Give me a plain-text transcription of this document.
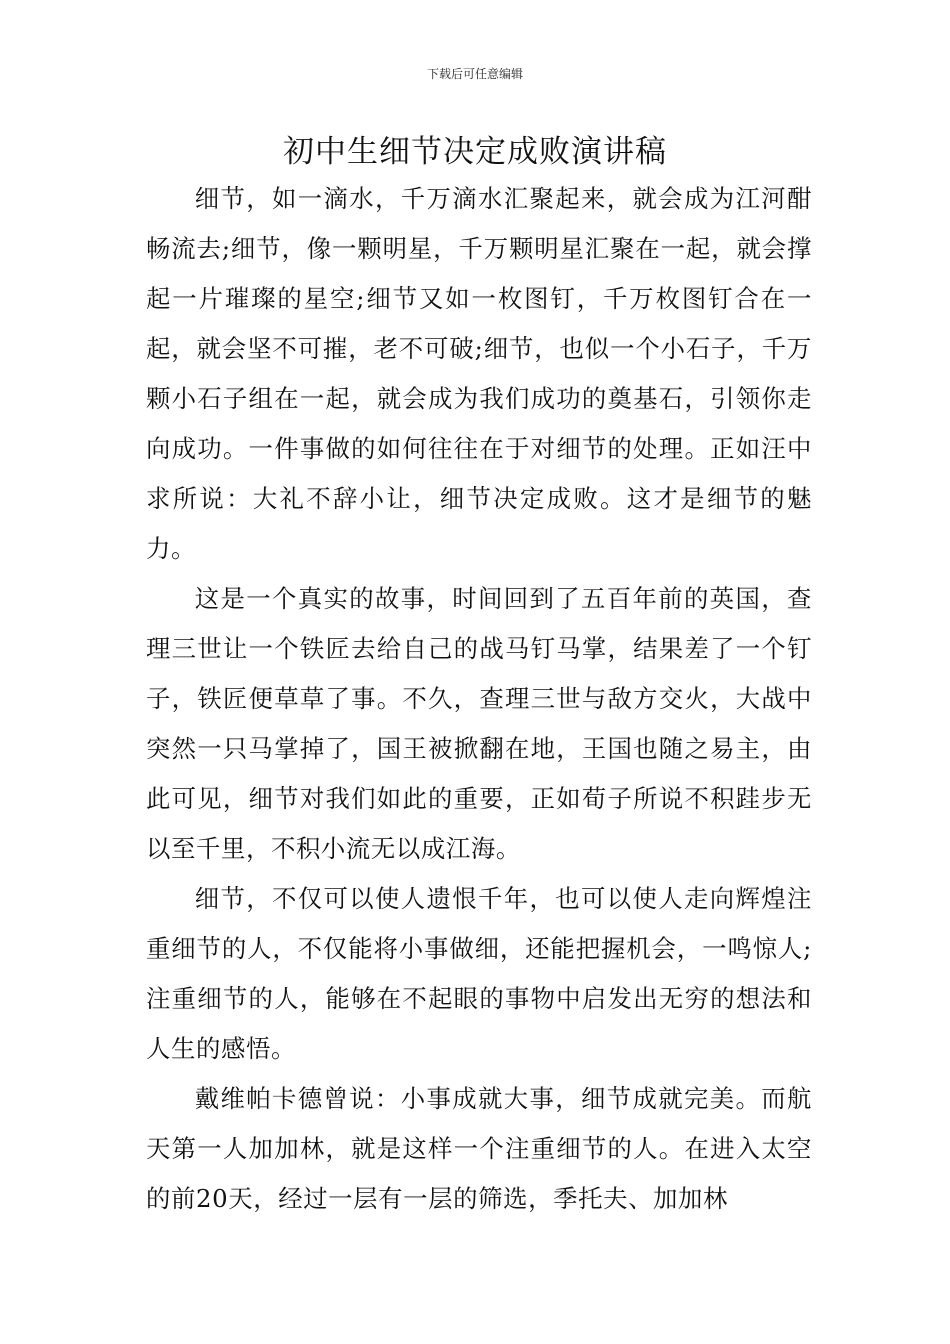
下载后可任意编辑
初中生细节决定成败演讲稿

细节，如一滴水，千万滴水汇聚起来，就会成为江河酣畅流去;细节，像一颗明星，千万颗明星汇聚在一起，就会撑起一片璀璨的星空;细节又如一枚图钉，千万枚图钉合在一起，就会坚不可摧，老不可破;细节，也似一个小石子，千万颗小石子组在一起，就会成为我们成功的奠基石，引领你走向成功。一件事做的如何往往在于对细节的处理。正如汪中求所说：大礼不辞小让，细节决定成败。这才是细节的魅力。

这是一个真实的故事，时间回到了五百年前的英国，查理三世让一个铁匠去给自己的战马钉马掌，结果差了一个钉子，铁匠便草草了事。不久，查理三世与敌方交火，大战中突然一只马掌掉了，国王被掀翻在地，王国也随之易主，由此可见，细节对我们如此的重要，正如荀子所说不积跬步无以至千里，不积小流无以成江海。

细节，不仅可以使人遗恨千年，也可以使人走向辉煌注重细节的人，不仅能将小事做细，还能把握机会，一鸣惊人;注重细节的人，能够在不起眼的事物中启发出无穷的想法和人生的感悟。

戴维帕卡德曾说：小事成就大事，细节成就完美。而航天第一人加加林，就是这样一个注重细节的人。在进入太空的前20天，经过一层有一层的筛选，季托夫、加加林
